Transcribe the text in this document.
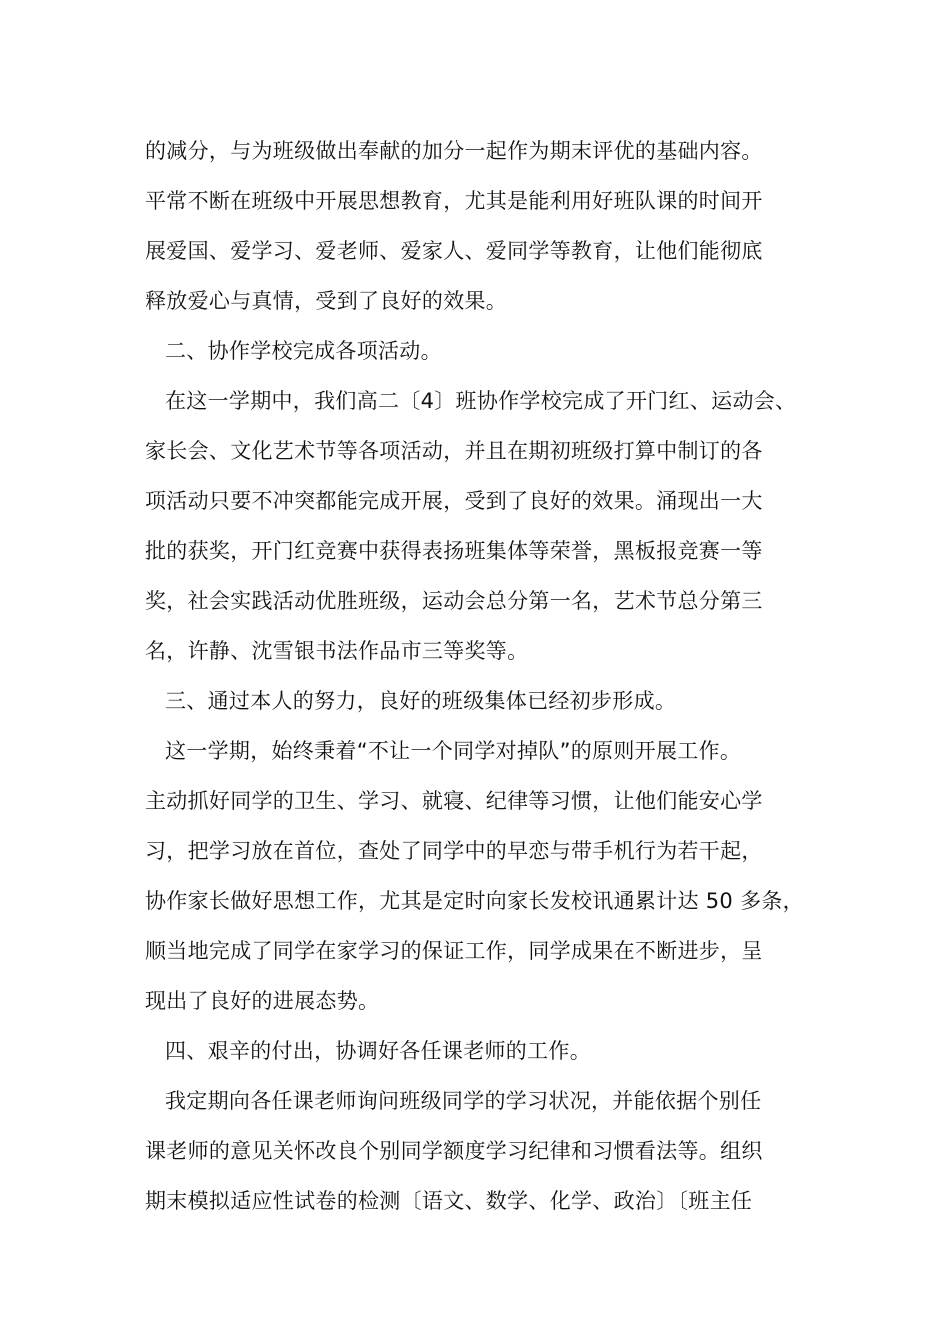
的减分，与为班级做出奉献的加分一起作为期末评优的基础内容。
平常不断在班级中开展思想教育，尤其是能利用好班队课的时间开
展爱国、爱学习、爱老师、爱家人、爱同学等教育，让他们能彻底
释放爱心与真情，受到了良好的效果。
二、协作学校完成各项活动。
在这一学期中，我们高二〔4〕班协作学校完成了开门红、运动会、
家长会、文化艺术节等各项活动，并且在期初班级打算中制订的各
项活动只要不冲突都能完成开展，受到了良好的效果。涌现出一大
批的获奖，开门红竞赛中获得表扬班集体等荣誉，黑板报竞赛一等
奖，社会实践活动优胜班级，运动会总分第一名，艺术节总分第三
名，许静、沈雪银书法作品市三等奖等。
三、通过本人的努力，良好的班级集体已经初步形成。
这一学期，始终秉着“不让一个同学对掉队”的原则开展工作。
主动抓好同学的卫生、学习、就寝、纪律等习惯，让他们能安心学
习，把学习放在首位，查处了同学中的早恋与带手机行为若干起，
协作家长做好思想工作，尤其是定时向家长发校讯通累计达 50 多条，
顺当地完成了同学在家学习的保证工作，同学成果在不断进步，呈
现出了良好的进展态势。
四、艰辛的付出，协调好各任课老师的工作。
我定期向各任课老师询问班级同学的学习状况，并能依据个别任
课老师的意见关怀改良个别同学额度学习纪律和习惯看法等。组织
期末模拟适应性试卷的检测〔语文、数学、化学、政治〕〔班主任
